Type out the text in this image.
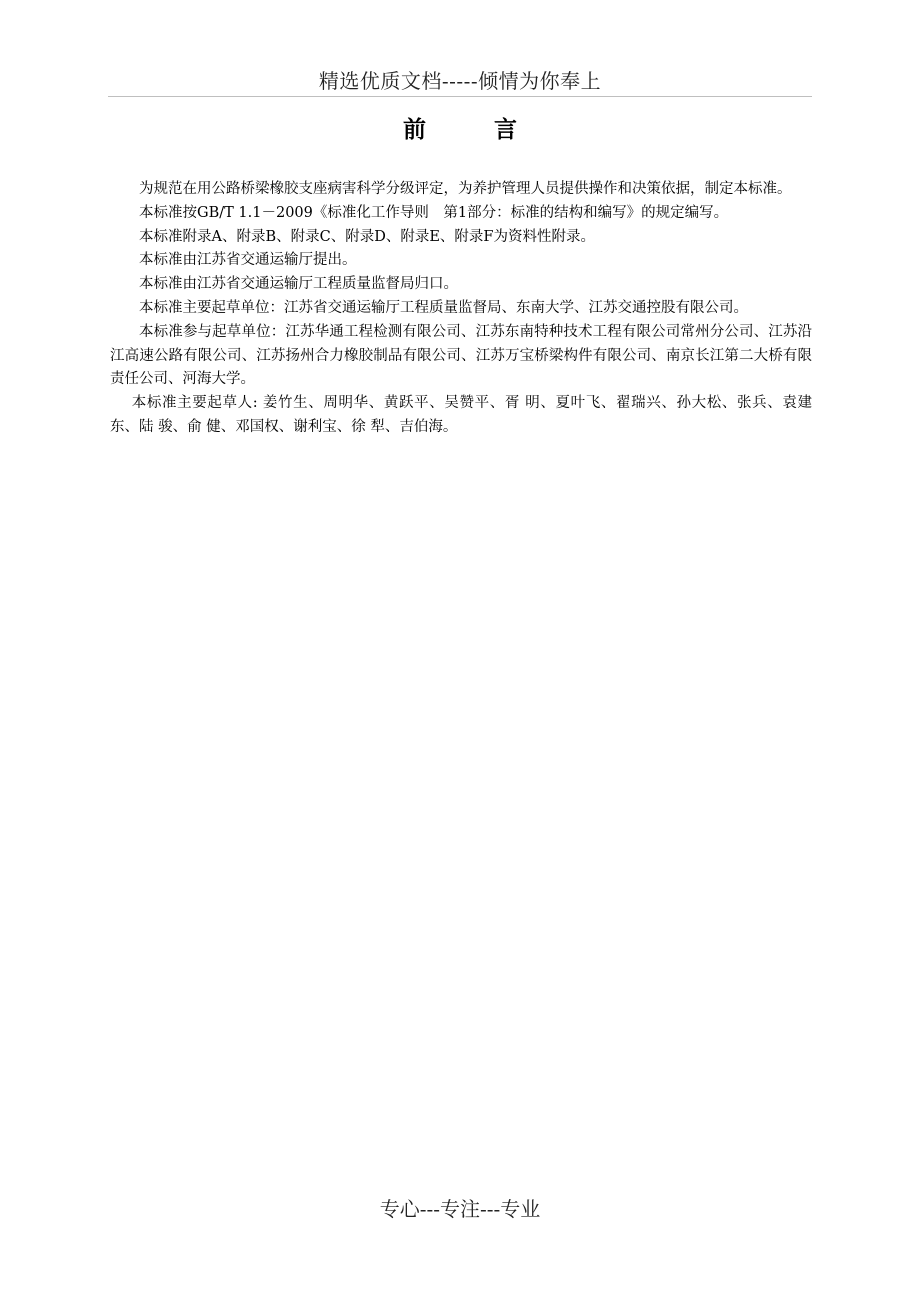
精选优质文档-----倾情为你奉上
前 言

为规范在用公路桥梁橡胶支座病害科学分级评定，为养护管理人员提供操作和决策依据，制定本标准。

本标准按GB/T 1.1－2009《标准化工作导则　第1部分：标准的结构和编写》的规定编写。

本标准附录A、附录B、附录C、附录D、附录E、附录F为资料性附录。

本标准由江苏省交通运输厅提出。

本标准由江苏省交通运输厅工程质量监督局归口。

本标准主要起草单位：江苏省交通运输厅工程质量监督局、东南大学、江苏交通控股有限公司。

本标准参与起草单位：江苏华通工程检测有限公司、江苏东南特种技术工程有限公司常州分公司、江苏沿江高速公路有限公司、江苏扬州合力橡胶制品有限公司、江苏万宝桥梁构件有限公司、南京长江第二大桥有限责任公司、河海大学。

本标准主要起草人: 姜竹生、周明华、黄跃平、吴赞平、胥 明、夏叶飞、翟瑞兴、孙大松、张兵、袁建东、陆 骏、俞 健、邓国权、谢利宝、徐 犁、吉伯海。

专心---专注---专业
